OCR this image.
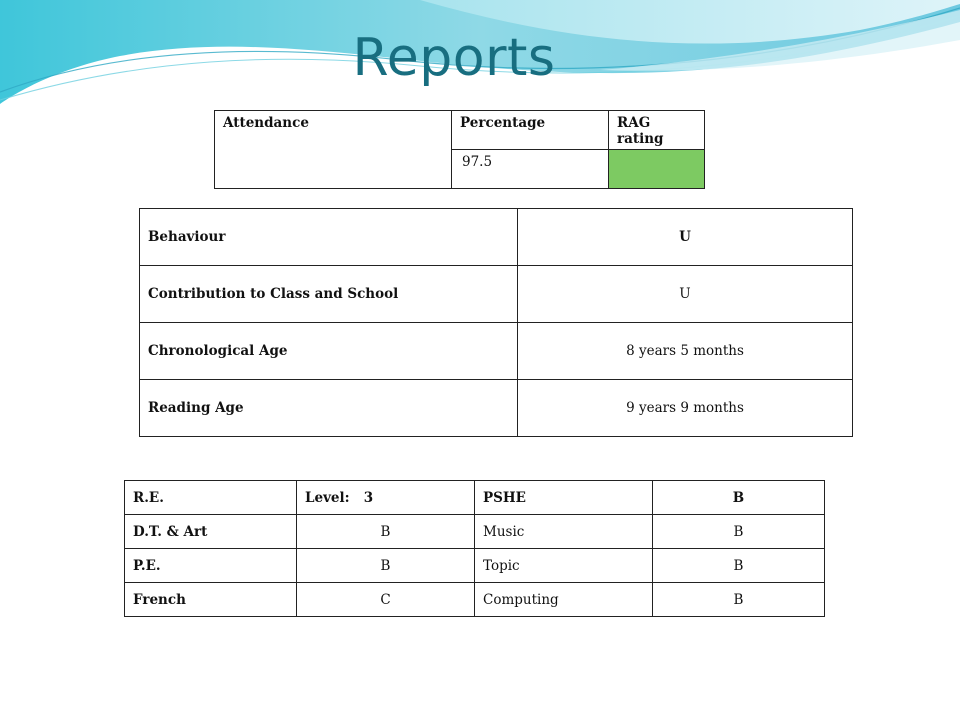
Reports
Attendance	Percentage	RAG rating
	97.5	
Behaviour	U
Contribution to Class and School	U
Chronological Age	8 years 5 months
Reading Age	9 years 9 months
R.E.	Level:   3	PSHE	B
D.T. & Art	B	Music	B
P.E.	B	Topic	B
French	C	Computing	B
